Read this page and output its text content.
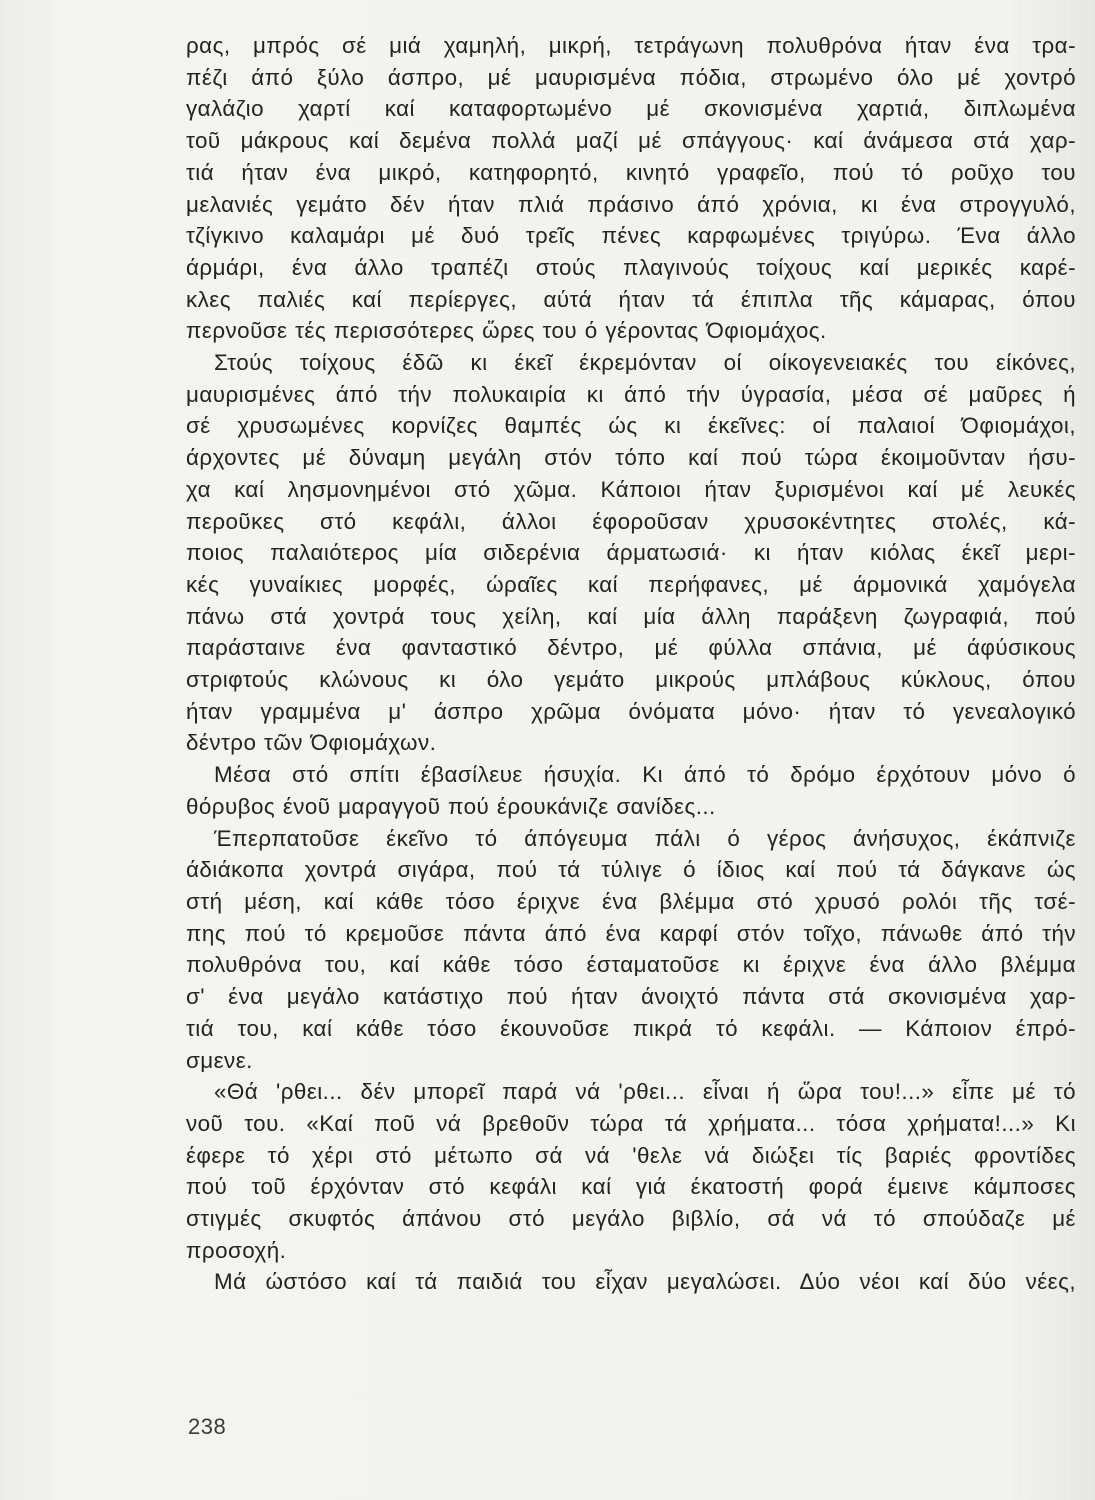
ρας, μπρός σέ μιά χαμηλή, μικρή, τετράγωνη πολυθρόνα ήταν ένα τρα-
πέζι άπό ξύλο άσπρο, μέ μαυρισμένα πόδια, στρωμένο όλο μέ χοντρό
γαλάζιο χαρτί καί καταφορτωμένο μέ σκονισμένα χαρτιά, διπλωμένα
τοῦ μάκρους καί δεμένα πολλά μαζί μέ σπάγγους· καί άνάμεσα στά χαρ-
τιά ήταν ένα μικρό, κατηφορητό, κινητό γραφεῖο, πού τό ροῦχο του
μελανιές γεμάτο δέν ήταν πλιά πράσινο άπό χρόνια, κι ένα στρογγυλό,
τζίγκινο καλαμάρι μέ δυό τρεῖς πένες καρφωμένες τριγύρω. Ένα άλλο
άρμάρι, ένα άλλο τραπέζι στούς πλαγινούς τοίχους καί μερικές καρέ-
κλες παλιές καί περίεργες, αύτά ήταν τά έπιπλα τῆς κάμαρας, όπου
περνοῦσε τές περισσότερες ὥρες του ό γέροντας Όφιομάχος.
Στούς τοίχους έδῶ κι έκεῖ έκρεμόνταν οί οίκογενειακές του είκόνες,
μαυρισμένες άπό τήν πολυκαιρία κι άπό τήν ύγρασία, μέσα σέ μαῦρες ή
σέ χρυσωμένες κορνίζες θαμπές ώς κι έκεῖνες: οί παλαιοί Όφιομάχοι,
άρχοντες μέ δύναμη μεγάλη στόν τόπο καί πού τώρα έκοιμοῦνταν ήσυ-
χα καί λησμονημένοι στό χῶμα. Κάποιοι ήταν ξυρισμένοι καί μέ λευκές
περοῦκες στό κεφάλι, άλλοι έφοροῦσαν χρυσοκέντητες στολές, κά-
ποιος παλαιότερος μία σιδερένια άρματωσιά· κι ήταν κιόλας έκεῖ μερι-
κές γυναίκιες μορφές, ώραῖες καί περήφανες, μέ άρμονικά χαμόγελα
πάνω στά χοντρά τους χείλη, καί μία άλλη παράξενη ζωγραφιά, πού
παράσταινε ένα φανταστικό δέντρο, μέ φύλλα σπάνια, μέ άφύσικους
στριφτούς κλώνους κι όλο γεμάτο μικρούς μπλάβους κύκλους, όπου
ήταν γραμμένα μ' άσπρο χρῶμα όνόματα μόνο· ήταν τό γενεαλογικό
δέντρο τῶν Όφιομάχων.
Μέσα στό σπίτι έβασίλευε ήσυχία. Κι άπό τό δρόμο έρχότουν μόνο ό
θόρυβος ένοῦ μαραγγοῦ πού έρουκάνιζε σανίδες...
Έπερπατοῦσε έκεῖνο τό άπόγευμα πάλι ό γέρος άνήσυχος, έκάπνιζε
άδιάκοπα χοντρά σιγάρα, πού τά τύλιγε ό ίδιος καί πού τά δάγκανε ώς
στή μέση, καί κάθε τόσο έριχνε ένα βλέμμα στό χρυσό ρολόι τῆς τσέ-
πης πού τό κρεμοῦσε πάντα άπό ένα καρφί στόν τοῖχο, πάνωθε άπό τήν
πολυθρόνα του, καί κάθε τόσο έσταματοῦσε κι έριχνε ένα άλλο βλέμμα
σ' ένα μεγάλο κατάστιχο πού ήταν άνοιχτό πάντα στά σκονισμένα χαρ-
τιά του, καί κάθε τόσο έκουνοῦσε πικρά τό κεφάλι. — Κάποιον έπρό-
σμενε.
«Θά 'ρθει... δέν μπορεῖ παρά νά 'ρθει... εἶναι ή ὥρα του!...» εἶπε μέ τό
νοῦ του. «Καί ποῦ νά βρεθοῦν τώρα τά χρήματα... τόσα χρήματα!...» Κι
έφερε τό χέρι στό μέτωπο σά νά 'θελε νά διώξει τίς βαριές φροντίδες
πού τοῦ έρχόνταν στό κεφάλι καί γιά έκατοστή φορά έμεινε κάμποσες
στιγμές σκυφτός άπάνου στό μεγάλο βιβλίο, σά νά τό σπούδαζε μέ
προσοχή.
Μά ώστόσο καί τά παιδιά του εἶχαν μεγαλώσει. Δύο νέοι καί δύο νέες,
238
